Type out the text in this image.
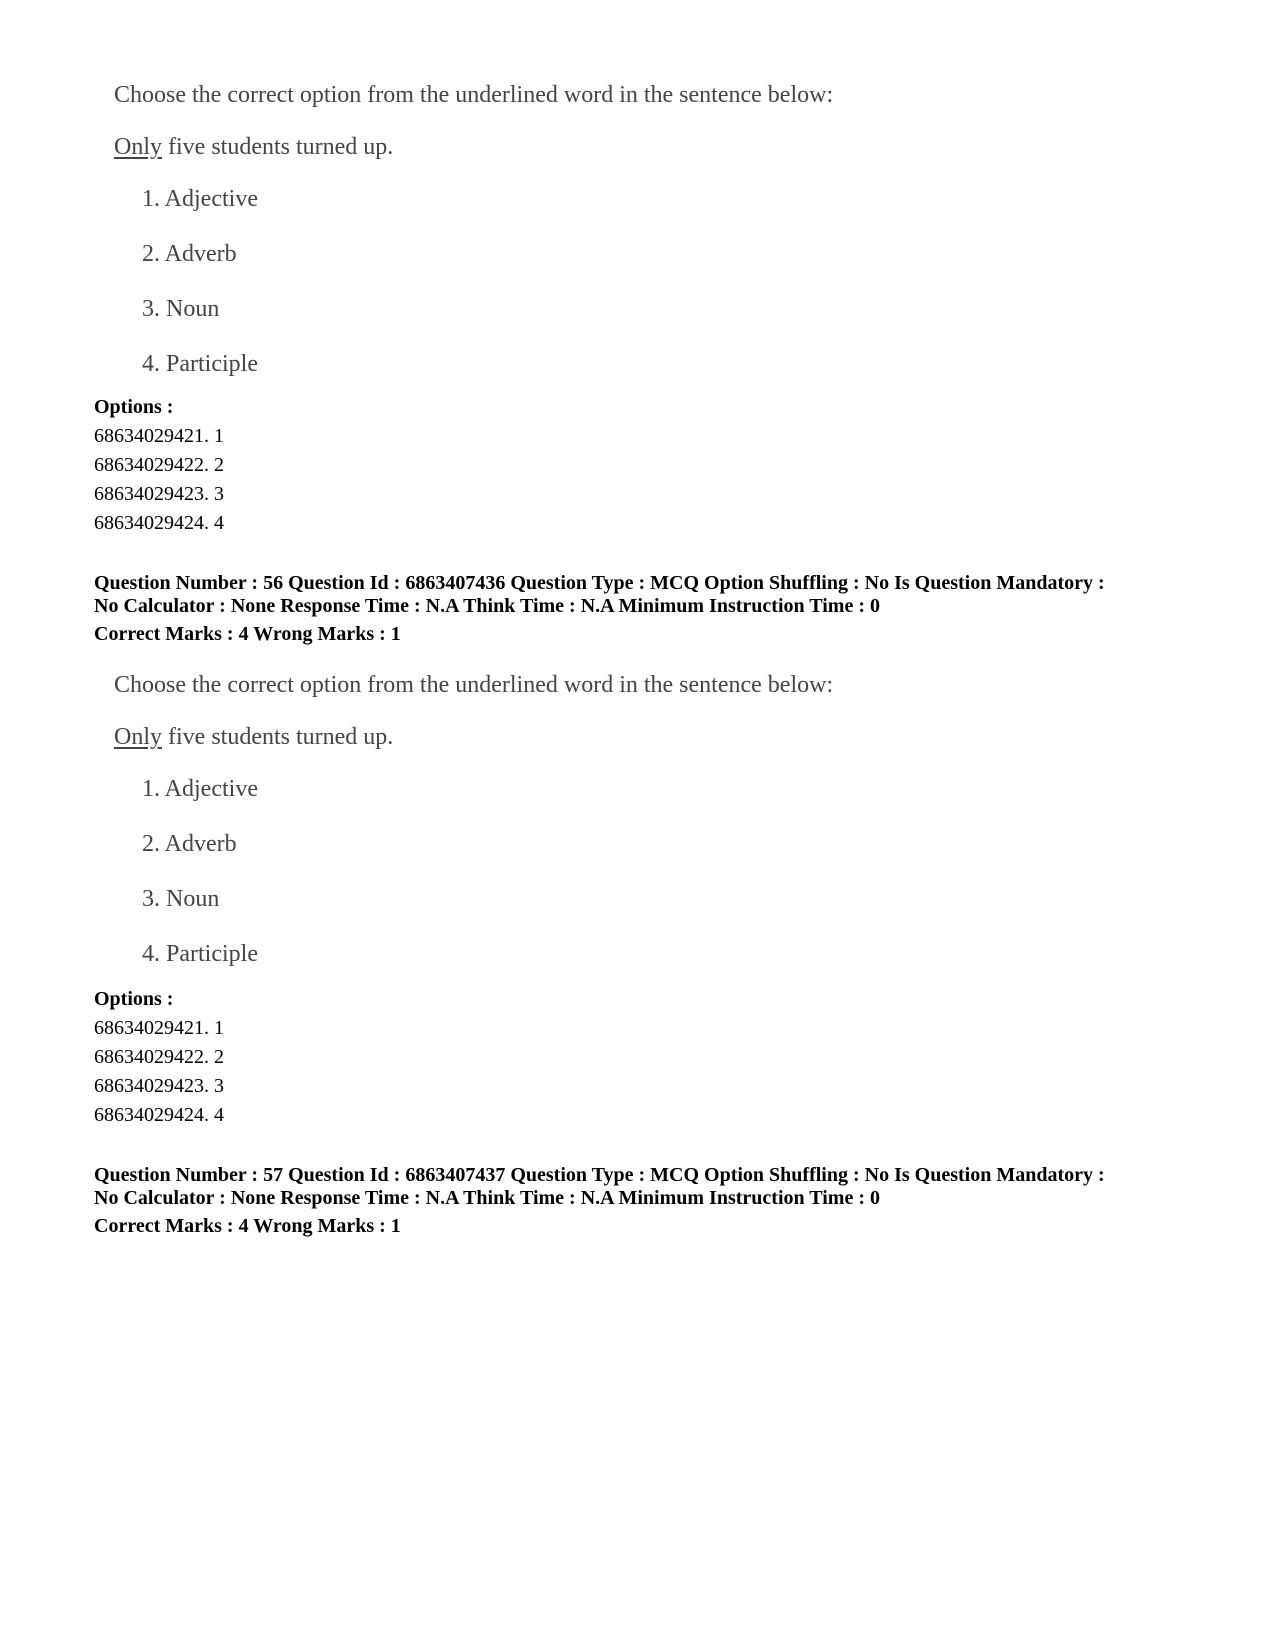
Choose the correct option from the underlined word in the sentence below:

Only five students turned up.

1. Adjective
2. Adverb
3. Noun
4. Participle

Options :

68634029421. 1
68634029422. 2
68634029423. 3
68634029424. 4

Question Number : 56 Question Id : 6863407436 Question Type : MCQ Option Shuffling : No Is Question Mandatory :

No Calculator : None Response Time : N.A Think Time : N.A Minimum Instruction Time : 0

Correct Marks : 4 Wrong Marks : 1

Choose the correct option from the underlined word in the sentence below:

Only five students turned up.

1. Adjective
2. Adverb
3. Noun
4. Participle

Options :

68634029421. 1
68634029422. 2
68634029423. 3
68634029424. 4

Question Number : 57 Question Id : 6863407437 Question Type : MCQ Option Shuffling : No Is Question Mandatory :

No Calculator : None Response Time : N.A Think Time : N.A Minimum Instruction Time : 0

Correct Marks : 4 Wrong Marks : 1
